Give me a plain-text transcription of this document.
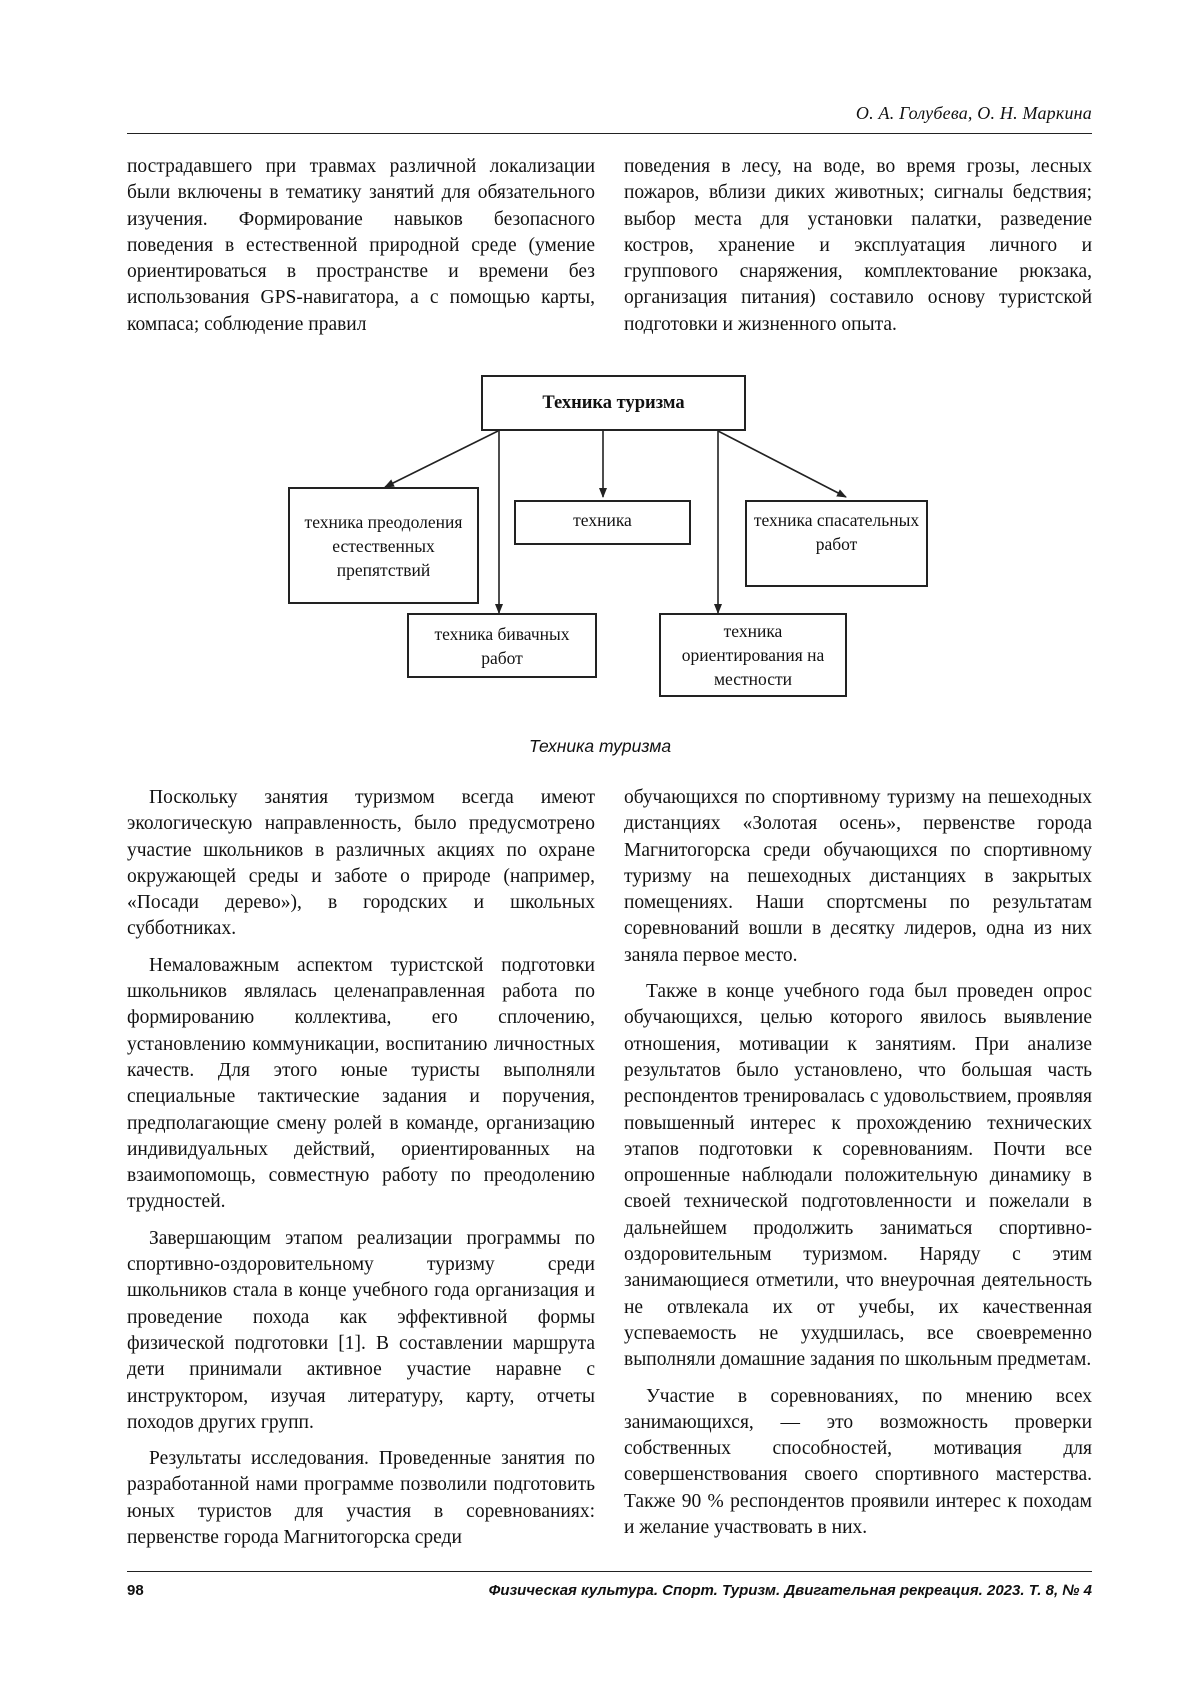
О. А. Голубева, О. Н. Маркина

пострадавшего при травмах различной локализации были включены в тематику занятий для обязательного изучения. Формирование навыков безопасного поведения в естественной природной среде (умение ориентироваться в пространстве и времени без использования GPS-навигатора, а с помощью карты, компаса; соблюдение правил

поведения в лесу, на воде, во время грозы, лесных пожаров, вблизи диких животных; сигналы бедствия; выбор места для установки палатки, разведение костров, хранение и эксплуатация личного и группового снаряжения, комплектование рюкзака, организация питания) составило основу туристской подготовки и жизненного опыта.

Техника туризма
техника преодоления естественных препятствий
техника	техника спасательных работ
техника бивачных работ
техника ориентирования на местности
Техника туризма

Поскольку занятия туризмом всегда имеют экологическую направленность, было предусмотрено участие школьников в различных акциях по охране окружающей среды и заботе о природе (например, «Посади дерево»), в городских и школьных субботниках.

Немаловажным аспектом туристской подготовки школьников являлась целенаправленная работа по формированию коллектива, его сплочению, установлению коммуникации, воспитанию личностных качеств. Для этого юные туристы выполняли специальные тактические задания и поручения, предполагающие смену ролей в команде, организацию индивидуальных действий, ориентированных на взаимопомощь, совместную работу по преодолению трудностей.

Завершающим этапом реализации программы по спортивно-оздоровительному туризму среди школьников стала в конце учебного года организация и проведение похода как эффективной формы физической подготовки [1]. В составлении маршрута дети принимали активное участие наравне с инструктором, изучая литературу, карту, отчеты походов других групп.

Результаты исследования. Проведенные занятия по разработанной нами программе позволили подготовить юных туристов для участия в соревнованиях: первенстве города Магнитогорска среди

обучающихся по спортивному туризму на пешеходных дистанциях «Золотая осень», первенстве города Магнитогорска среди обучающихся по спортивному туризму на пешеходных дистанциях в закрытых помещениях. Наши спортсмены по результатам соревнований вошли в десятку лидеров, одна из них заняла первое место.

Также в конце учебного года был проведен опрос обучающихся, целью которого явилось выявление отношения, мотивации к занятиям. При анализе результатов было установлено, что большая часть респондентов тренировалась с удовольствием, проявляя повышенный интерес к прохождению технических этапов подготовки к соревнованиям. Почти все опрошенные наблюдали положительную динамику в своей технической подготовленности и пожелали в дальнейшем продолжить заниматься спортивно-оздоровительным туризмом. Наряду с этим занимающиеся отметили, что внеурочная деятельность не отвлекала их от учебы, их качественная успеваемость не ухудшилась, все своевременно выполняли домашние задания по школьным предметам.

Участие в соревнованиях, по мнению всех занимающихся, — это возможность проверки собственных способностей, мотивация для совершенствования своего спортивного мастерства. Также 90 % респондентов проявили интерес к походам и желание участвовать в них.

98	Физическая культура. Спорт. Туризм. Двигательная рекреация. 2023. Т. 8, № 4
